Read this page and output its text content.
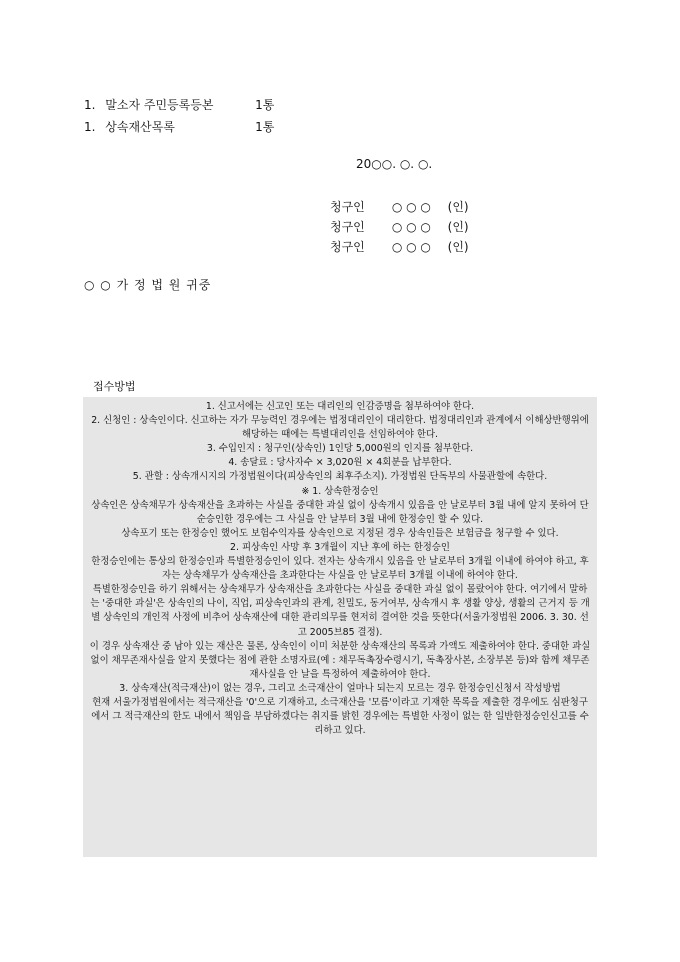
1. 말소자 주민등록등본	1통
1. 상속재산목록	1통
20○○. ○. ○.
청구인 ○ ○ ○ (인)
청구인 ○ ○ ○ (인)
청구인 ○ ○ ○ (인)
○ ○ 가 정 법 원 귀중
접수방법

1. 신고서에는 신고인 또는 대리인의 인감증명을 첨부하여야 한다.

2. 신청인 : 상속인이다. 신고하는 자가 무능력인 경우에는 법정대리인이 대리한다. 법정대리인과 관계에서 이해상반행위에 해당하는 때에는 특별대리인을 선임하여야 한다.

3. 수입인지 : 청구인(상속인) 1인당 5,000원의 인지를 첨부한다.

4. 송달료 : 당사자수 × 3,020원 × 4회분을 납부한다.

5. 관할 : 상속개시지의 가정법원이다(피상속인의 최후주소지). 가정법원 단독부의 사물관할에 속한다.

※ 1. 상속한정승인

상속인은 상속채무가 상속재산을 초과하는 사실을 중대한 과실 없이 상속개시 있음을 안 날로부터 3월 내에 알지 못하여 단순승인한 경우에는 그 사실을 안 날부터 3월 내에 한정승인 할 수 있다.

상속포기 또는 한정승인 했어도 보험수익자를 상속인으로 지정된 경우 상속인들은 보험금을 청구할 수 있다.

2. 피상속인 사망 후 3개월이 지난 후에 하는 한정승인

한정승인에는 통상의 한정승인과 특별한정승인이 있다. 전자는 상속개시 있음을 안 날로부터 3개월 이내에 하여야 하고, 후자는 상속채무가 상속재산을 초과한다는 사실을 안 날로부터 3개월 이내에 하여야 한다.

특별한정승인을 하기 위해서는 상속채무가 상속재산을 초과한다는 사실을 중대한 과실 없이 몰랐어야 한다. 여기에서 말하는 '중대한 과실'은 상속인의 나이, 직업, 피상속인과의 관계, 친밀도, 동거여부, 상속개시 후 생활 양상, 생활의 근거지 등 개별 상속인의 개인적 사정에 비추어 상속재산에 대한 관리의무를 현저히 결여한 것을 뜻한다(서울가정법원 2006. 3. 30. 선고 2005브85 결정).

이 경우 상속재산 중 남아 있는 재산은 물론, 상속인이 이미 처분한 상속재산의 목록과 가액도 제출하여야 한다. 중대한 과실 없이 채무존재사실을 알지 못했다는 점에 관한 소명자료(예 : 채무독촉장수령시기, 독촉장사본, 소장부본 등)와 함께 채무존재사실을 안 날을 특정하여 제출하여야 한다.

3. 상속재산(적극재산)이 없는 경우, 그리고 소극재산이 얼마나 되는지 모르는 경우 한정승인신청서 작성방법

현재 서울가정법원에서는 적극재산을 '0'으로 기재하고, 소극재산을 '모름'이라고 기재한 목록을 제출한 경우에도 심판청구에서 그 적극재산의 한도 내에서 책임을 부담하겠다는 취지를 밝힌 경우에는 특별한 사정이 없는 한 일반한정승인신고를 수리하고 있다.
